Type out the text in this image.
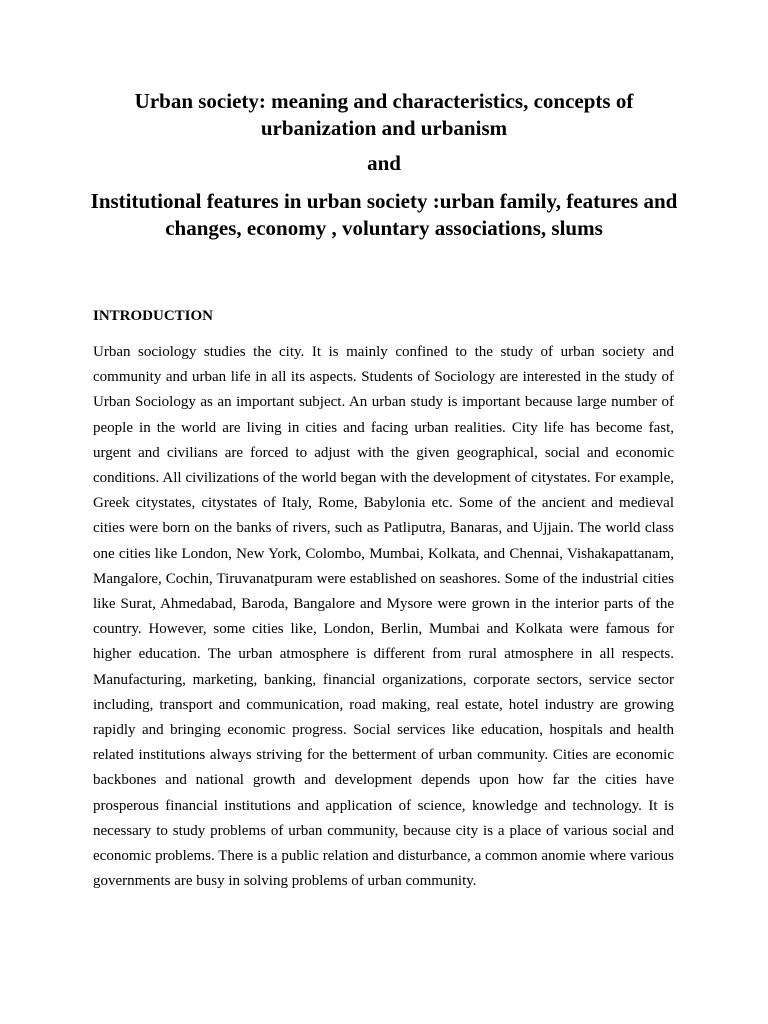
Urban society: meaning and characteristics, concepts of urbanization and urbanism
and
Institutional features in urban society :urban family, features and changes, economy , voluntary associations, slums
INTRODUCTION

Urban sociology studies the city. It is mainly confined to the study of urban society and community and urban life in all its aspects. Students of Sociology are interested in the study of Urban Sociology as an important subject. An urban study is important because large number of people in the world are living in cities and facing urban realities. City life has become fast, urgent and civilians are forced to adjust with the given geographical, social and economic conditions. All civilizations of the world began with the development of citystates. For example, Greek citystates, citystates of Italy, Rome, Babylonia etc. Some of the ancient and medieval cities were born on the banks of rivers, such as Patliputra, Banaras, and Ujjain. The world class one cities like London, New York, Colombo, Mumbai, Kolkata, and Chennai, Vishakapattanam, Mangalore, Cochin, Tiruvanatpuram were established on seashores. Some of the industrial cities like Surat, Ahmedabad, Baroda, Bangalore and Mysore were grown in the interior parts of the country. However, some cities like, London, Berlin, Mumbai and Kolkata were famous for higher education. The urban atmosphere is different from rural atmosphere in all respects. Manufacturing, marketing, banking, financial organizations, corporate sectors, service sector including, transport and communication, road making, real estate, hotel industry are growing rapidly and bringing economic progress. Social services like education, hospitals and health related institutions always striving for the betterment of urban community. Cities are economic backbones and national growth and development depends upon how far the cities have prosperous financial institutions and application of science, knowledge and technology. It is necessary to study problems of urban community, because city is a place of various social and economic problems. There is a public relation and disturbance, a common anomie where various governments are busy in solving problems of urban community.
